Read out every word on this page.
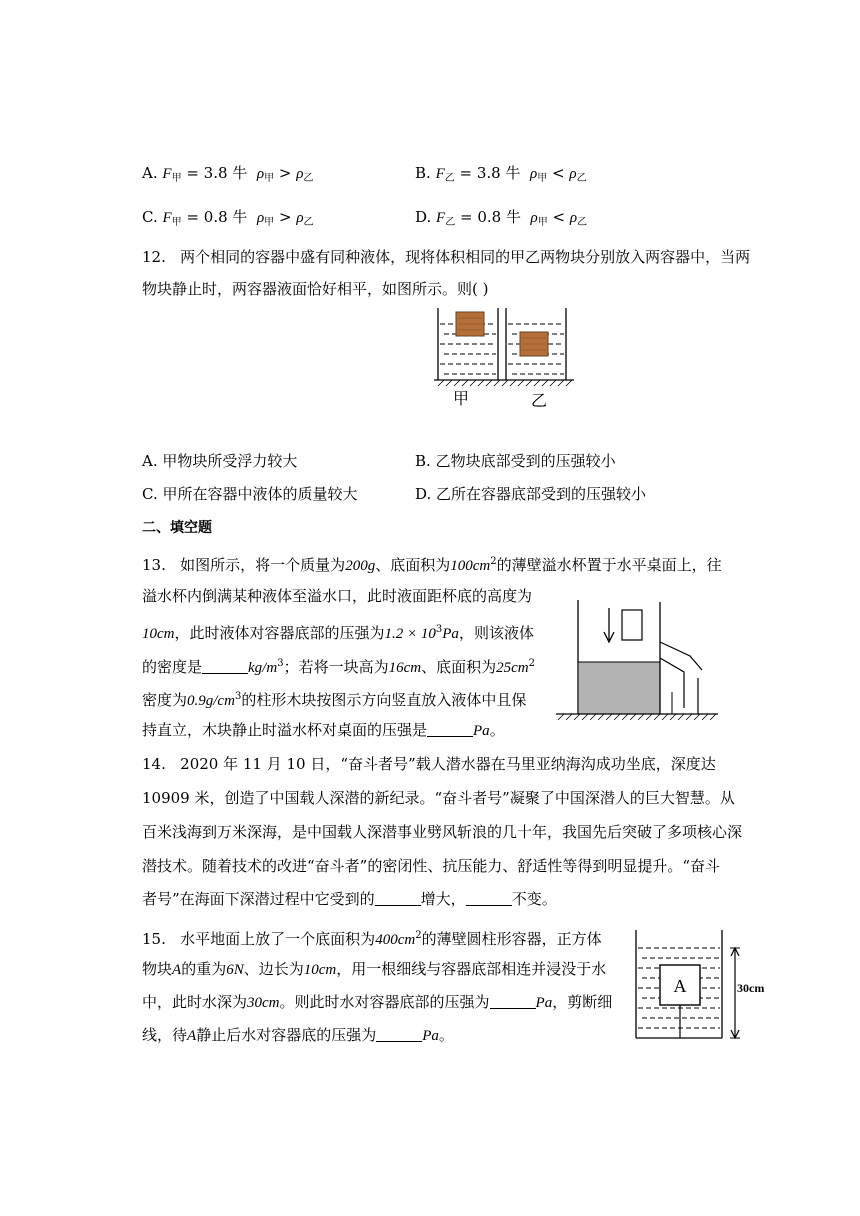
A. $F_甲 = 3.8$ 牛 $\rho_甲 > \rho_乙$	B. $F_乙 = 3.8$ 牛 $\rho_甲 < \rho_乙$
C. $F_甲 = 0.8$ 牛 $\rho_甲 > \rho_乙$	D. $F_乙 = 0.8$ 牛 $\rho_甲 < \rho_乙$
12. 两个相同的容器中盛有同种液体，现将体积相同的甲乙两物块分别放入两容器中，当两
物块静止时，两容器液面恰好相平，如图所示。则( )
甲	乙
A. 甲物块所受浮力较大	B. 乙物块底部受到的压强较小
C. 甲所在容器中液体的质量较大	D. 乙所在容器底部受到的压强较小
二、填空题
13. 如图所示，将一个质量为200g、底面积为$100cm^2$的薄壁溢水杯置于水平桌面上，往
溢水杯内倒满某种液体至溢水口，此时液面距杯底的高度为
10cm，此时液体对容器底部的压强为$1.2 \times 10^3Pa$，则该液体
的密度是	$kg/m^3$；若将一块高为16cm、底面积为$25cm^2$
密度为$0.9g/cm^3$的柱形木块按图示方向竖直放入液体中且保
持直立，木块静止时溢水杯对桌面的压强是	Pa。
14. 2020 年 11 月 10 日，“奋斗者号”载人潜水器在马里亚纳海沟成功坐底，深度达
10909 米，创造了中国载人深潜的新纪录。“奋斗者号”凝聚了中国深潜人的巨大智慧。从
百米浅海到万米深海，是中国载人深潜事业劈风斩浪的几十年，我国先后突破了多项核心深
潜技术。随着技术的改进“奋斗者”的密闭性、抗压能力、舒适性等得到明显提升。“奋斗
者号”在海面下深潜过程中它受到的	增大，	不变。
15. 水平地面上放了一个底面积为$400cm^2$的薄壁圆柱形容器，正方体
物块A的重为6N、边长为10cm，用一根细线与容器底部相连并浸没于水
中，此时水深为30cm。则此时水对容器底部的压强为	Pa，剪断细
线，待A静止后水对容器底的压强为	Pa。
A	30cm
